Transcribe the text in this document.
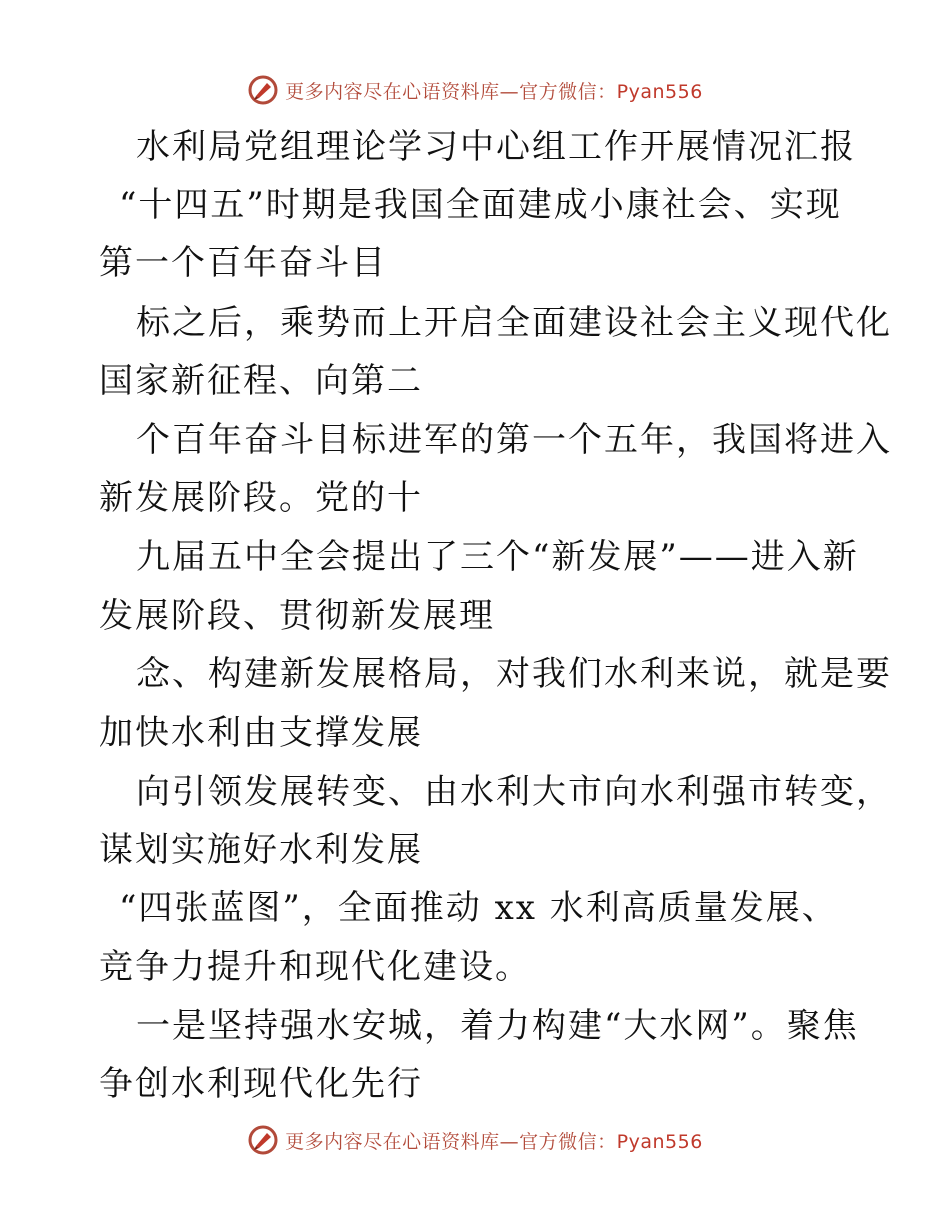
更多内容尽在心语资料库—官方微信：Pyan556
水利局党组理论学习中心组工作开展情况汇报
“十四五”时期是我国全面建成小康社会、实现
第一个百年奋斗目
标之后，乘势而上开启全面建设社会主义现代化
国家新征程、向第二
个百年奋斗目标进军的第一个五年，我国将进入
新发展阶段。党的十
九届五中全会提出了三个“新发展”——进入新
发展阶段、贯彻新发展理
念、构建新发展格局，对我们水利来说，就是要
加快水利由支撑发展
向引领发展转变、由水利大市向水利强市转变，
谋划实施好水利发展
“四张蓝图”，全面推动 xx 水利高质量发展、
竞争力提升和现代化建设。
一是坚持强水安城，着力构建“大水网”。聚焦
争创水利现代化先行
更多内容尽在心语资料库—官方微信：Pyan556
